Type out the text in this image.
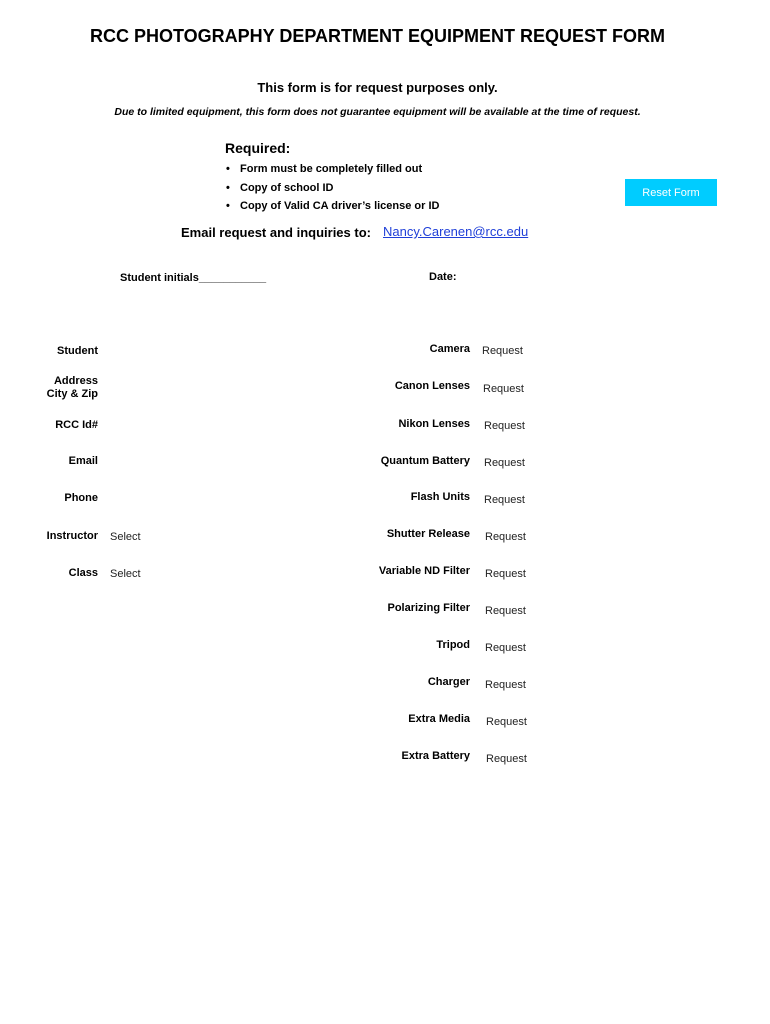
RCC PHOTOGRAPHY DEPARTMENT EQUIPMENT REQUEST FORM
This form is for request purposes only.
Due to limited equipment, this form does not guarantee equipment will be available at the time of request.
Required:
• Form must be completely filled out
• Copy of school ID
• Copy of Valid CA driver’s license or ID
Reset Form
Email request and inquiries to: Nancy.Carenen@rcc.edu
Student initials___________	Date:
Student
Address
City & Zip
RCC Id#
Email
Phone
Instructor Select
Class Select
Camera Request
Canon Lenses Request
Nikon Lenses Request
Quantum Battery Request
Flash Units Request
Shutter Release Request
Variable ND Filter Request
Polarizing Filter Request
Tripod Request
Charger Request
Extra Media Request
Extra Battery Request
